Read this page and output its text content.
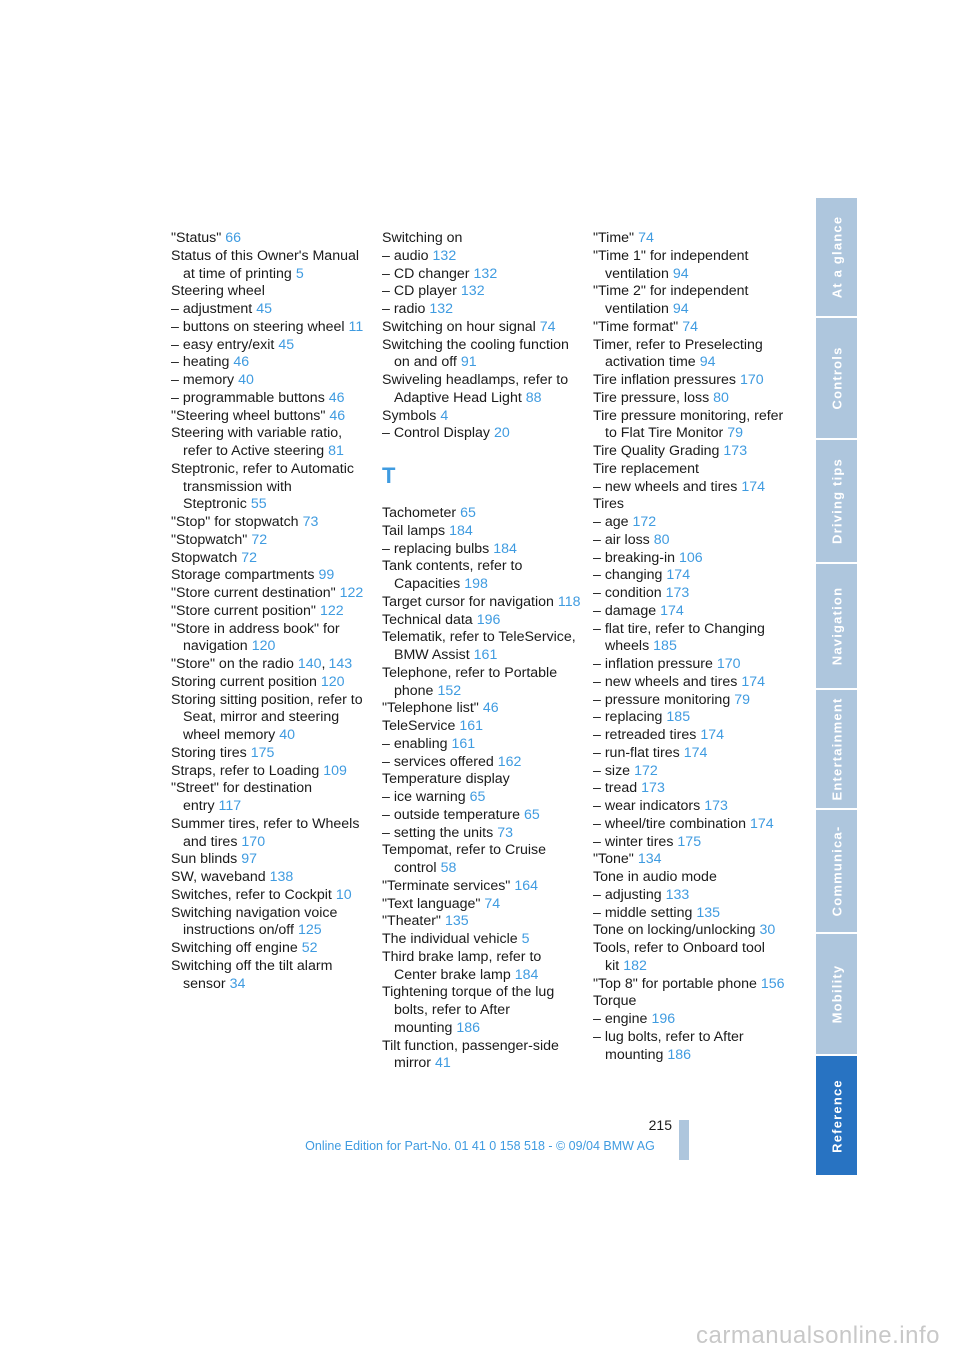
"Status" 66
Status of this Owner's Manual at time of printing 5
Steering wheel
– adjustment 45
– buttons on steering wheel 11
– easy entry/exit 45
– heating 46
– memory 40
– programmable buttons 46
"Steering wheel buttons" 46
Steering with variable ratio, refer to Active steering 81
Steptronic, refer to Automatic transmission with Steptronic 55
"Stop" for stopwatch 73
"Stopwatch" 72
Stopwatch 72
Storage compartments 99
"Store current destination" 122
"Store current position" 122
"Store in address book" for navigation 120
"Store" on the radio 140, 143
Storing current position 120
Storing sitting position, refer to Seat, mirror and steering wheel memory 40
Storing tires 175
Straps, refer to Loading 109
"Street" for destination entry 117
Summer tires, refer to Wheels and tires 170
Sun blinds 97
SW, waveband 138
Switches, refer to Cockpit 10
Switching navigation voice instructions on/off 125
Switching off engine 52
Switching off the tilt alarm sensor 34
Switching on
– audio 132
– CD changer 132
– CD player 132
– radio 132
Switching on hour signal 74
Switching the cooling function on and off 91
Swiveling headlamps, refer to Adaptive Head Light 88
Symbols 4
– Control Display 20
T
Tachometer 65
Tail lamps 184
– replacing bulbs 184
Tank contents, refer to Capacities 198
Target cursor for navigation 118
Technical data 196
Telematik, refer to TeleService, BMW Assist 161
Telephone, refer to Portable phone 152
"Telephone list" 46
TeleService 161
– enabling 161
– services offered 162
Temperature display
– ice warning 65
– outside temperature 65
– setting the units 73
Tempomat, refer to Cruise control 58
"Terminate services" 164
"Text language" 74
"Theater" 135
The individual vehicle 5
Third brake lamp, refer to Center brake lamp 184
Tightening torque of the lug bolts, refer to After mounting 186
Tilt function, passenger-side mirror 41
"Time" 74
"Time 1" for independent ventilation 94
"Time 2" for independent ventilation 94
"Time format" 74
Timer, refer to Preselecting activation time 94
Tire inflation pressures 170
Tire pressure, loss 80
Tire pressure monitoring, refer to Flat Tire Monitor 79
Tire Quality Grading 173
Tire replacement
– new wheels and tires 174
Tires
– age 172
– air loss 80
– breaking-in 106
– changing 174
– condition 173
– damage 174
– flat tire, refer to Changing wheels 185
– inflation pressure 170
– new wheels and tires 174
– pressure monitoring 79
– replacing 185
– retreaded tires 174
– run-flat tires 174
– size 172
– tread 173
– wear indicators 173
– wheel/tire combination 174
– winter tires 175
"Tone" 134
Tone in audio mode
– adjusting 133
– middle setting 135
Tone on locking/unlocking 30
Tools, refer to Onboard tool kit 182
"Top 8" for portable phone 156
Torque
– engine 196
– lug bolts, refer to After mounting 186
At a glance
Controls
Driving tips
Navigation
Entertainment
Communica-
Mobility
Reference
215
Online Edition for Part-No. 01 41 0 158 518 - © 09/04 BMW AG
carmanualsonline.info
